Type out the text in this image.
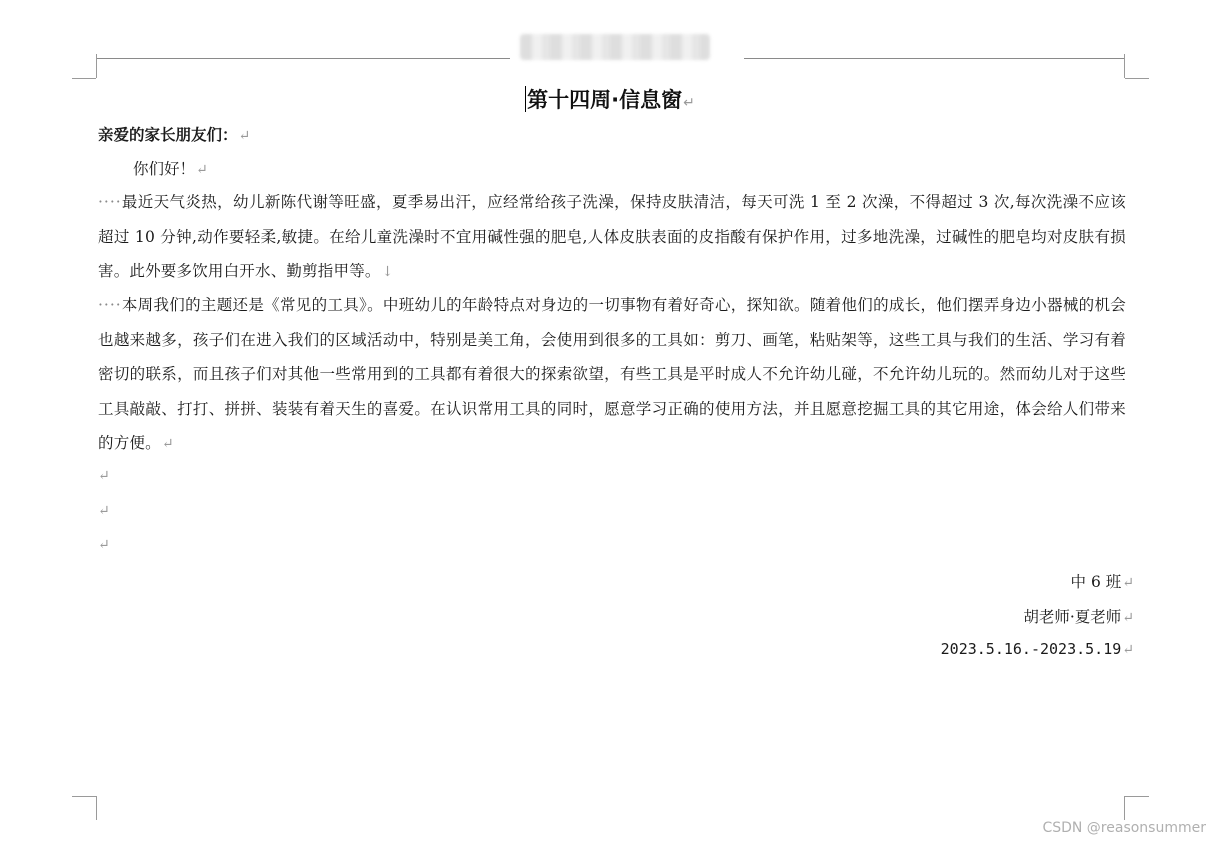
第十四周·信息窗↵
亲爱的家长朋友们：↵
你们好！↵
····最近天气炎热，幼儿新陈代谢等旺盛，夏季易出汗，应经常给孩子洗澡，保持皮肤清洁，每天可洗 1 至 2 次澡，不得超过 3 次,每次洗澡不应该超过 10 分钟,动作要轻柔,敏捷。在给儿童洗澡时不宜用碱性强的肥皂,人体皮肤表面的皮指酸有保护作用，过多地洗澡，过碱性的肥皂均对皮肤有损害。此外要多饮用白开水、勤剪指甲等。↓
····本周我们的主题还是《常见的工具》。中班幼儿的年龄特点对身边的一切事物有着好奇心，探知欲。随着他们的成长，他们摆弄身边小器械的机会也越来越多，孩子们在进入我们的区域活动中，特别是美工角，会使用到很多的工具如：剪刀、画笔，粘贴架等，这些工具与我们的生活、学习有着密切的联系，而且孩子们对其他一些常用到的工具都有着很大的探索欲望，有些工具是平时成人不允许幼儿碰，不允许幼儿玩的。然而幼儿对于这些工具敲敲、打打、拼拼、装装有着天生的喜爱。在认识常用工具的同时，愿意学习正确的使用方法，并且愿意挖掘工具的其它用途，体会给人们带来的方便。↵
↵
↵
↵
中 6 班↵
胡老师·夏老师↵
2023.5.16.-2023.5.19↵
CSDN @reasonsummer
